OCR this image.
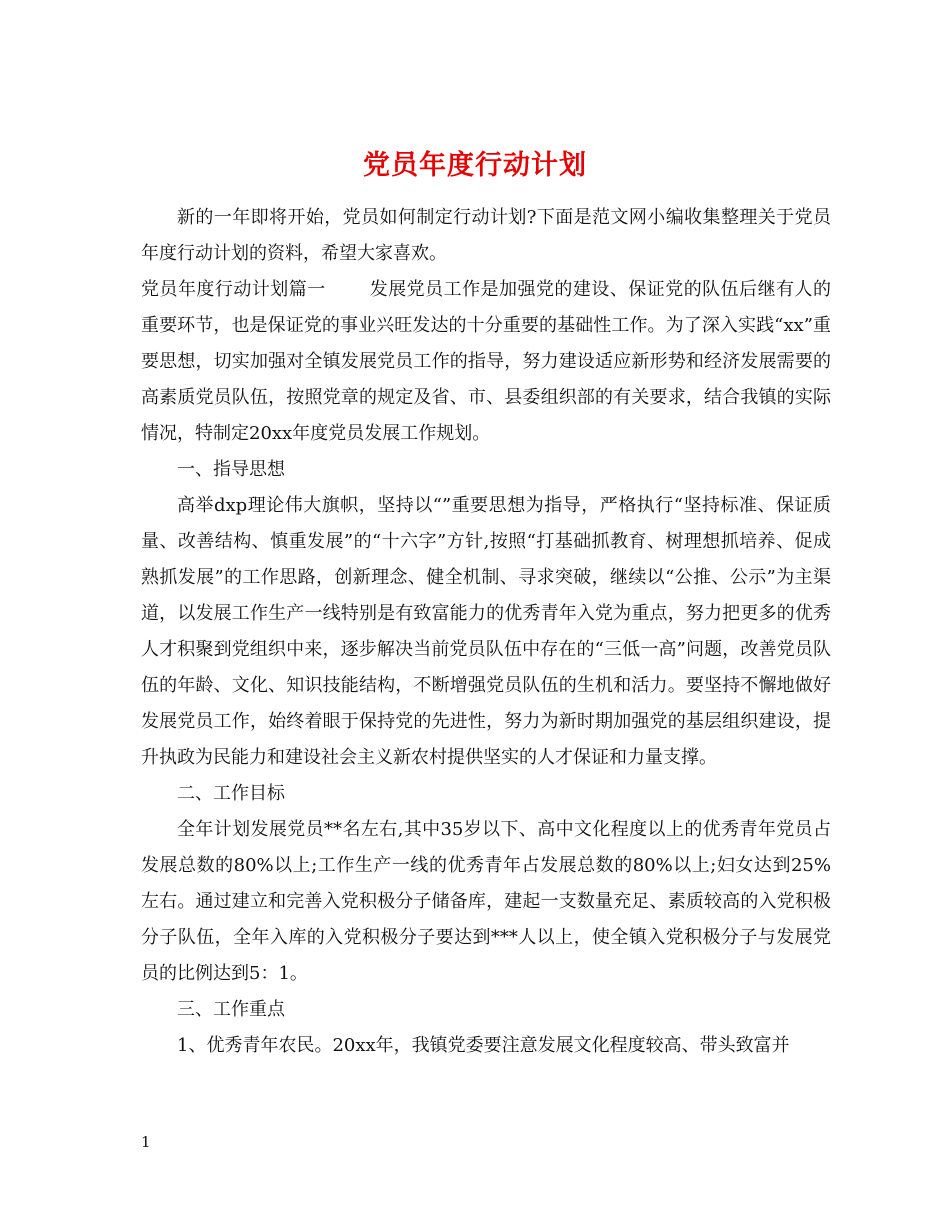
党员年度行动计划

新的一年即将开始，党员如何制定行动计划?下面是范文网小编收集整理关于党员年度行动计划的资料，希望大家喜欢。

党员年度行动计划篇一 发展党员工作是加强党的建设、保证党的队伍后继有人的重要环节，也是保证党的事业兴旺发达的十分重要的基础性工作。为了深入实践“xx”重要思想，切实加强对全镇发展党员工作的指导，努力建设适应新形势和经济发展需要的高素质党员队伍，按照党章的规定及省、市、县委组织部的有关要求，结合我镇的实际情况，特制定20xx年度党员发展工作规划。

一、指导思想

高举dxp理论伟大旗帜，坚持以“”重要思想为指导，严格执行“坚持标准、保证质量、改善结构、慎重发展”的“十六字”方针,按照“打基础抓教育、树理想抓培养、促成熟抓发展”的工作思路，创新理念、健全机制、寻求突破，继续以“公推、公示”为主渠道，以发展工作生产一线特别是有致富能力的优秀青年入党为重点，努力把更多的优秀人才积聚到党组织中来，逐步解决当前党员队伍中存在的“三低一高”问题，改善党员队伍的年龄、文化、知识技能结构，不断增强党员队伍的生机和活力。要坚持不懈地做好发展党员工作，始终着眼于保持党的先进性，努力为新时期加强党的基层组织建设，提升执政为民能力和建设社会主义新农村提供坚实的人才保证和力量支撑。

二、工作目标

全年计划发展党员**名左右,其中35岁以下、高中文化程度以上的优秀青年党员占发展总数的80%以上;工作生产一线的优秀青年占发展总数的80%以上;妇女达到25%左右。通过建立和完善入党积极分子储备库，建起一支数量充足、素质较高的入党积极分子队伍，全年入库的入党积极分子要达到***人以上，使全镇入党积极分子与发展党员的比例达到5：1。

三、工作重点

1、优秀青年农民。20xx年，我镇党委要注意发展文化程度较高、带头致富并

1
